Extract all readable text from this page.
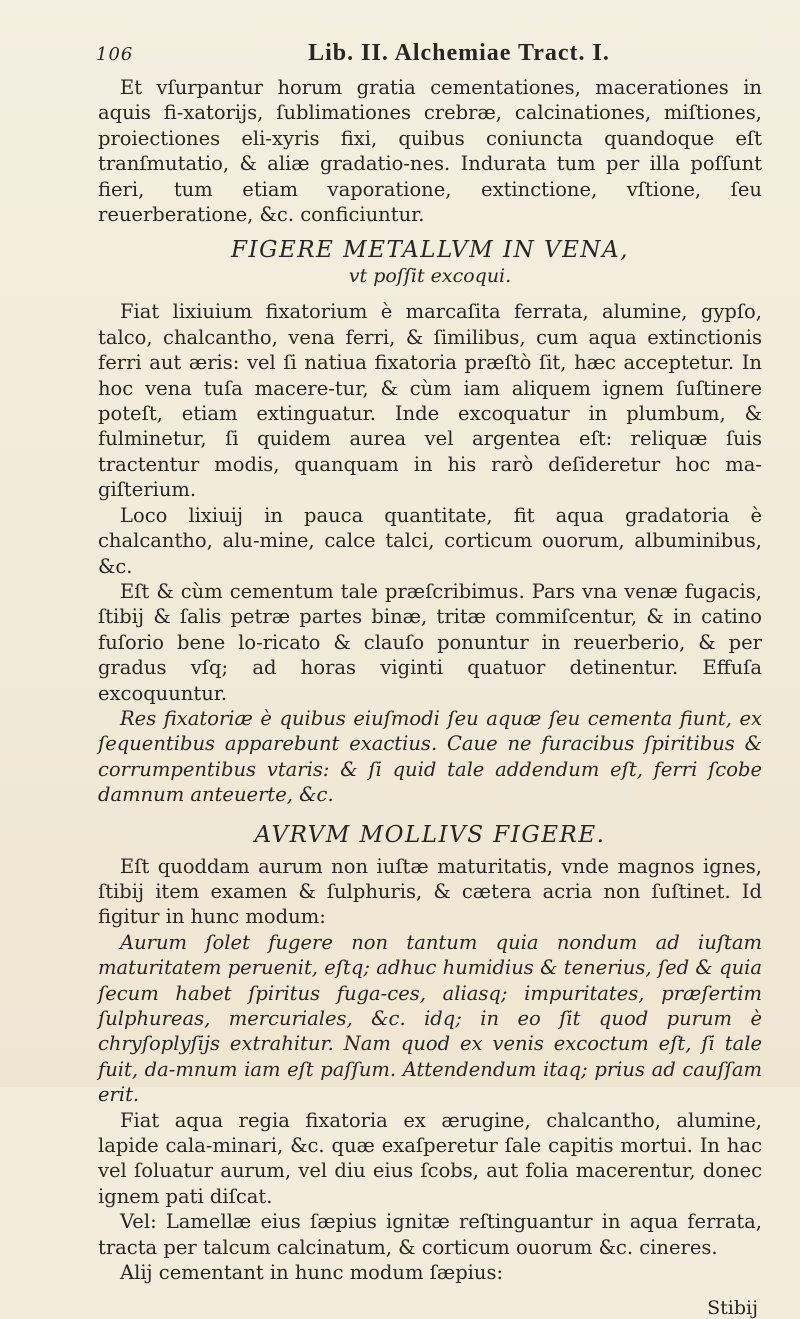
106	Lib. II. Alchemiae Tract. I.

Et vſurpantur horum gratia cementationes, macerationes in aquis fi-xatorijs, ſublimationes crebræ, calcinationes, miſtiones, proiectiones eli-xyris fixi, quibus coniuncta quandoque eſt tranſmutatio, & aliæ gradatio-nes. Indurata tum per illa poſſunt fieri, tum etiam vaporatione, extinctione, vſtione, ſeu reuerberatione, &c. conficiuntur.

FIGERE METALLVM IN VENA,
vt poſſit excoqui.

Fiat lixiuium fixatorium è marcaſita ferrata, alumine, gypſo, talco, chalcantho, vena ferri, & ſimilibus, cum aqua extinctionis ferri aut æris: vel ſi natiua fixatoria præſtò ſit, hæc acceptetur. In hoc vena tuſa macere-tur, & cùm iam aliquem ignem ſuſtinere poteſt, etiam extinguatur. Inde excoquatur in plumbum, & fulminetur, ſi quidem aurea vel argentea eſt: reliquæ ſuis tractentur modis, quanquam in his rarò deſideretur hoc ma-giſterium.

Loco lixiuij in pauca quantitate, fit aqua gradatoria è chalcantho, alu-mine, calce talci, corticum ouorum, albuminibus, &c.

Eſt & cùm cementum tale præſcribimus. Pars vna venæ fugacis, ſtibij & ſalis petræ partes binæ, tritæ commiſcentur, & in catino fuſorio bene lo-ricato & clauſo ponuntur in reuerberio, & per gradus vſq; ad horas viginti quatuor detinentur. Effuſa excoquuntur.

Res fixatoriæ è quibus eiuſmodi ſeu aquæ ſeu cementa fiunt, ex ſequentibus apparebunt exactius. Caue ne furacibus ſpiritibus & corrumpentibus vtaris: & ſi quid tale addendum eſt, ferri ſcobe damnum anteuerte, &c.

AVRVM MOLLIVS FIGERE.

Eſt quoddam aurum non iuſtæ maturitatis, vnde magnos ignes, ſtibij item examen & ſulphuris, & cætera acria non ſuſtinet. Id figitur in hunc modum:

Aurum ſolet fugere non tantum quia nondum ad iuſtam maturitatem peruenit, eſtq; adhuc humidius & tenerius, ſed & quia ſecum habet ſpiritus fuga-ces, aliasq; impuritates, præſertim ſulphureas, mercuriales, &c. idq; in eo ſit quod purum è chryſoplyſijs extrahitur. Nam quod ex venis excoctum eſt, ſi tale fuit, da-mnum iam eſt paſſum. Attendendum itaq; prius ad cauſſam erit.

Fiat aqua regia fixatoria ex ærugine, chalcantho, alumine, lapide cala-minari, &c. quæ exaſperetur ſale capitis mortui. In hac vel ſoluatur aurum, vel diu eius ſcobs, aut folia macerentur, donec ignem pati diſcat.

Vel: Lamellæ eius ſæpius ignitæ reſtinguantur in aqua ferrata, tracta per talcum calcinatum, & corticum ouorum &c. cineres.

Alij cementant in hunc modum ſæpius:

Stibij
